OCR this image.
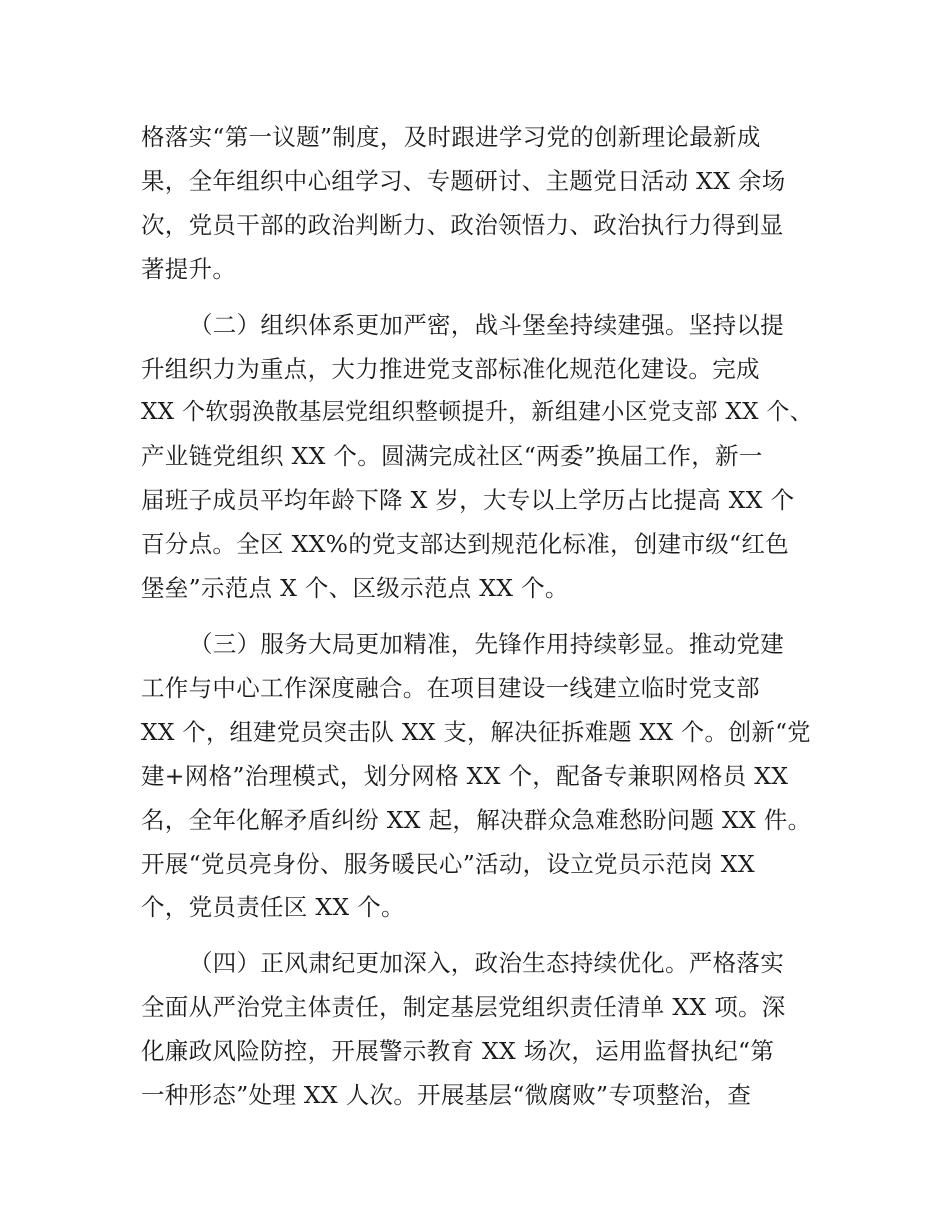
格落实“第一议题”制度，及时跟进学习党的创新理论最新成
果，全年组织中心组学习、专题研讨、主题党日活动 XX 余场
次，党员干部的政治判断力、政治领悟力、政治执行力得到显
著提升。
（二）组织体系更加严密，战斗堡垒持续建强。坚持以提
升组织力为重点，大力推进党支部标准化规范化建设。完成
XX 个软弱涣散基层党组织整顿提升，新组建小区党支部 XX 个、
产业链党组织 XX 个。圆满完成社区“两委”换届工作，新一
届班子成员平均年龄下降 X 岁，大专以上学历占比提高 XX 个
百分点。全区 XX%的党支部达到规范化标准，创建市级“红色
堡垒”示范点 X 个、区级示范点 XX 个。
（三）服务大局更加精准，先锋作用持续彰显。推动党建
工作与中心工作深度融合。在项目建设一线建立临时党支部
XX 个，组建党员突击队 XX 支，解决征拆难题 XX 个。创新“党
建+网格”治理模式，划分网格 XX 个，配备专兼职网格员 XX
名，全年化解矛盾纠纷 XX 起，解决群众急难愁盼问题 XX 件。
开展“党员亮身份、服务暖民心”活动，设立党员示范岗 XX
个，党员责任区 XX 个。
（四）正风肃纪更加深入，政治生态持续优化。严格落实
全面从严治党主体责任，制定基层党组织责任清单 XX 项。深
化廉政风险防控，开展警示教育 XX 场次，运用监督执纪“第
一种形态”处理 XX 人次。开展基层“微腐败”专项整治，查
